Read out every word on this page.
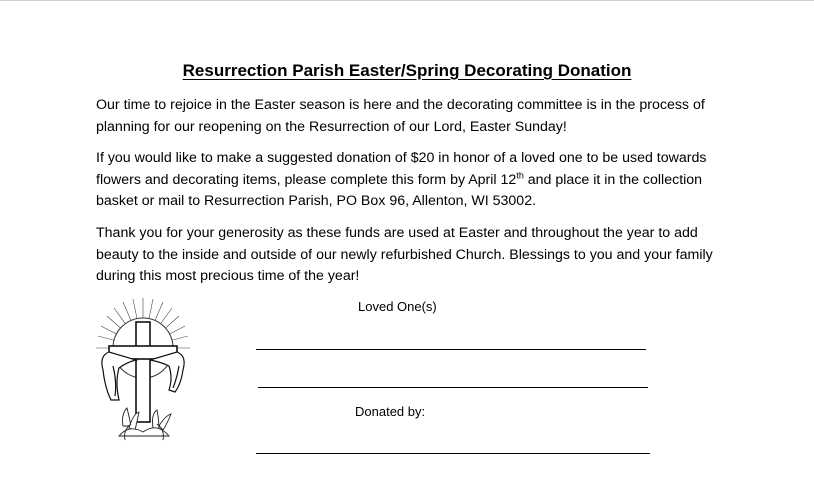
Resurrection Parish Easter/Spring Decorating Donation

Our time to rejoice in the Easter season is here and the decorating committee is in the process of planning for our reopening on the Resurrection of our Lord, Easter Sunday!

If you would like to make a suggested donation of $20 in honor of a loved one to be used towards flowers and decorating items, please complete this form by April 12th and place it in the collection basket or mail to Resurrection Parish, PO Box 96, Allenton, WI 53002.

Thank you for your generosity as these funds are used at Easter and throughout the year to add beauty to the inside and outside of our newly refurbished Church. Blessings to you and your family during this most precious time of the year!

Loved One(s)
Donated by:
